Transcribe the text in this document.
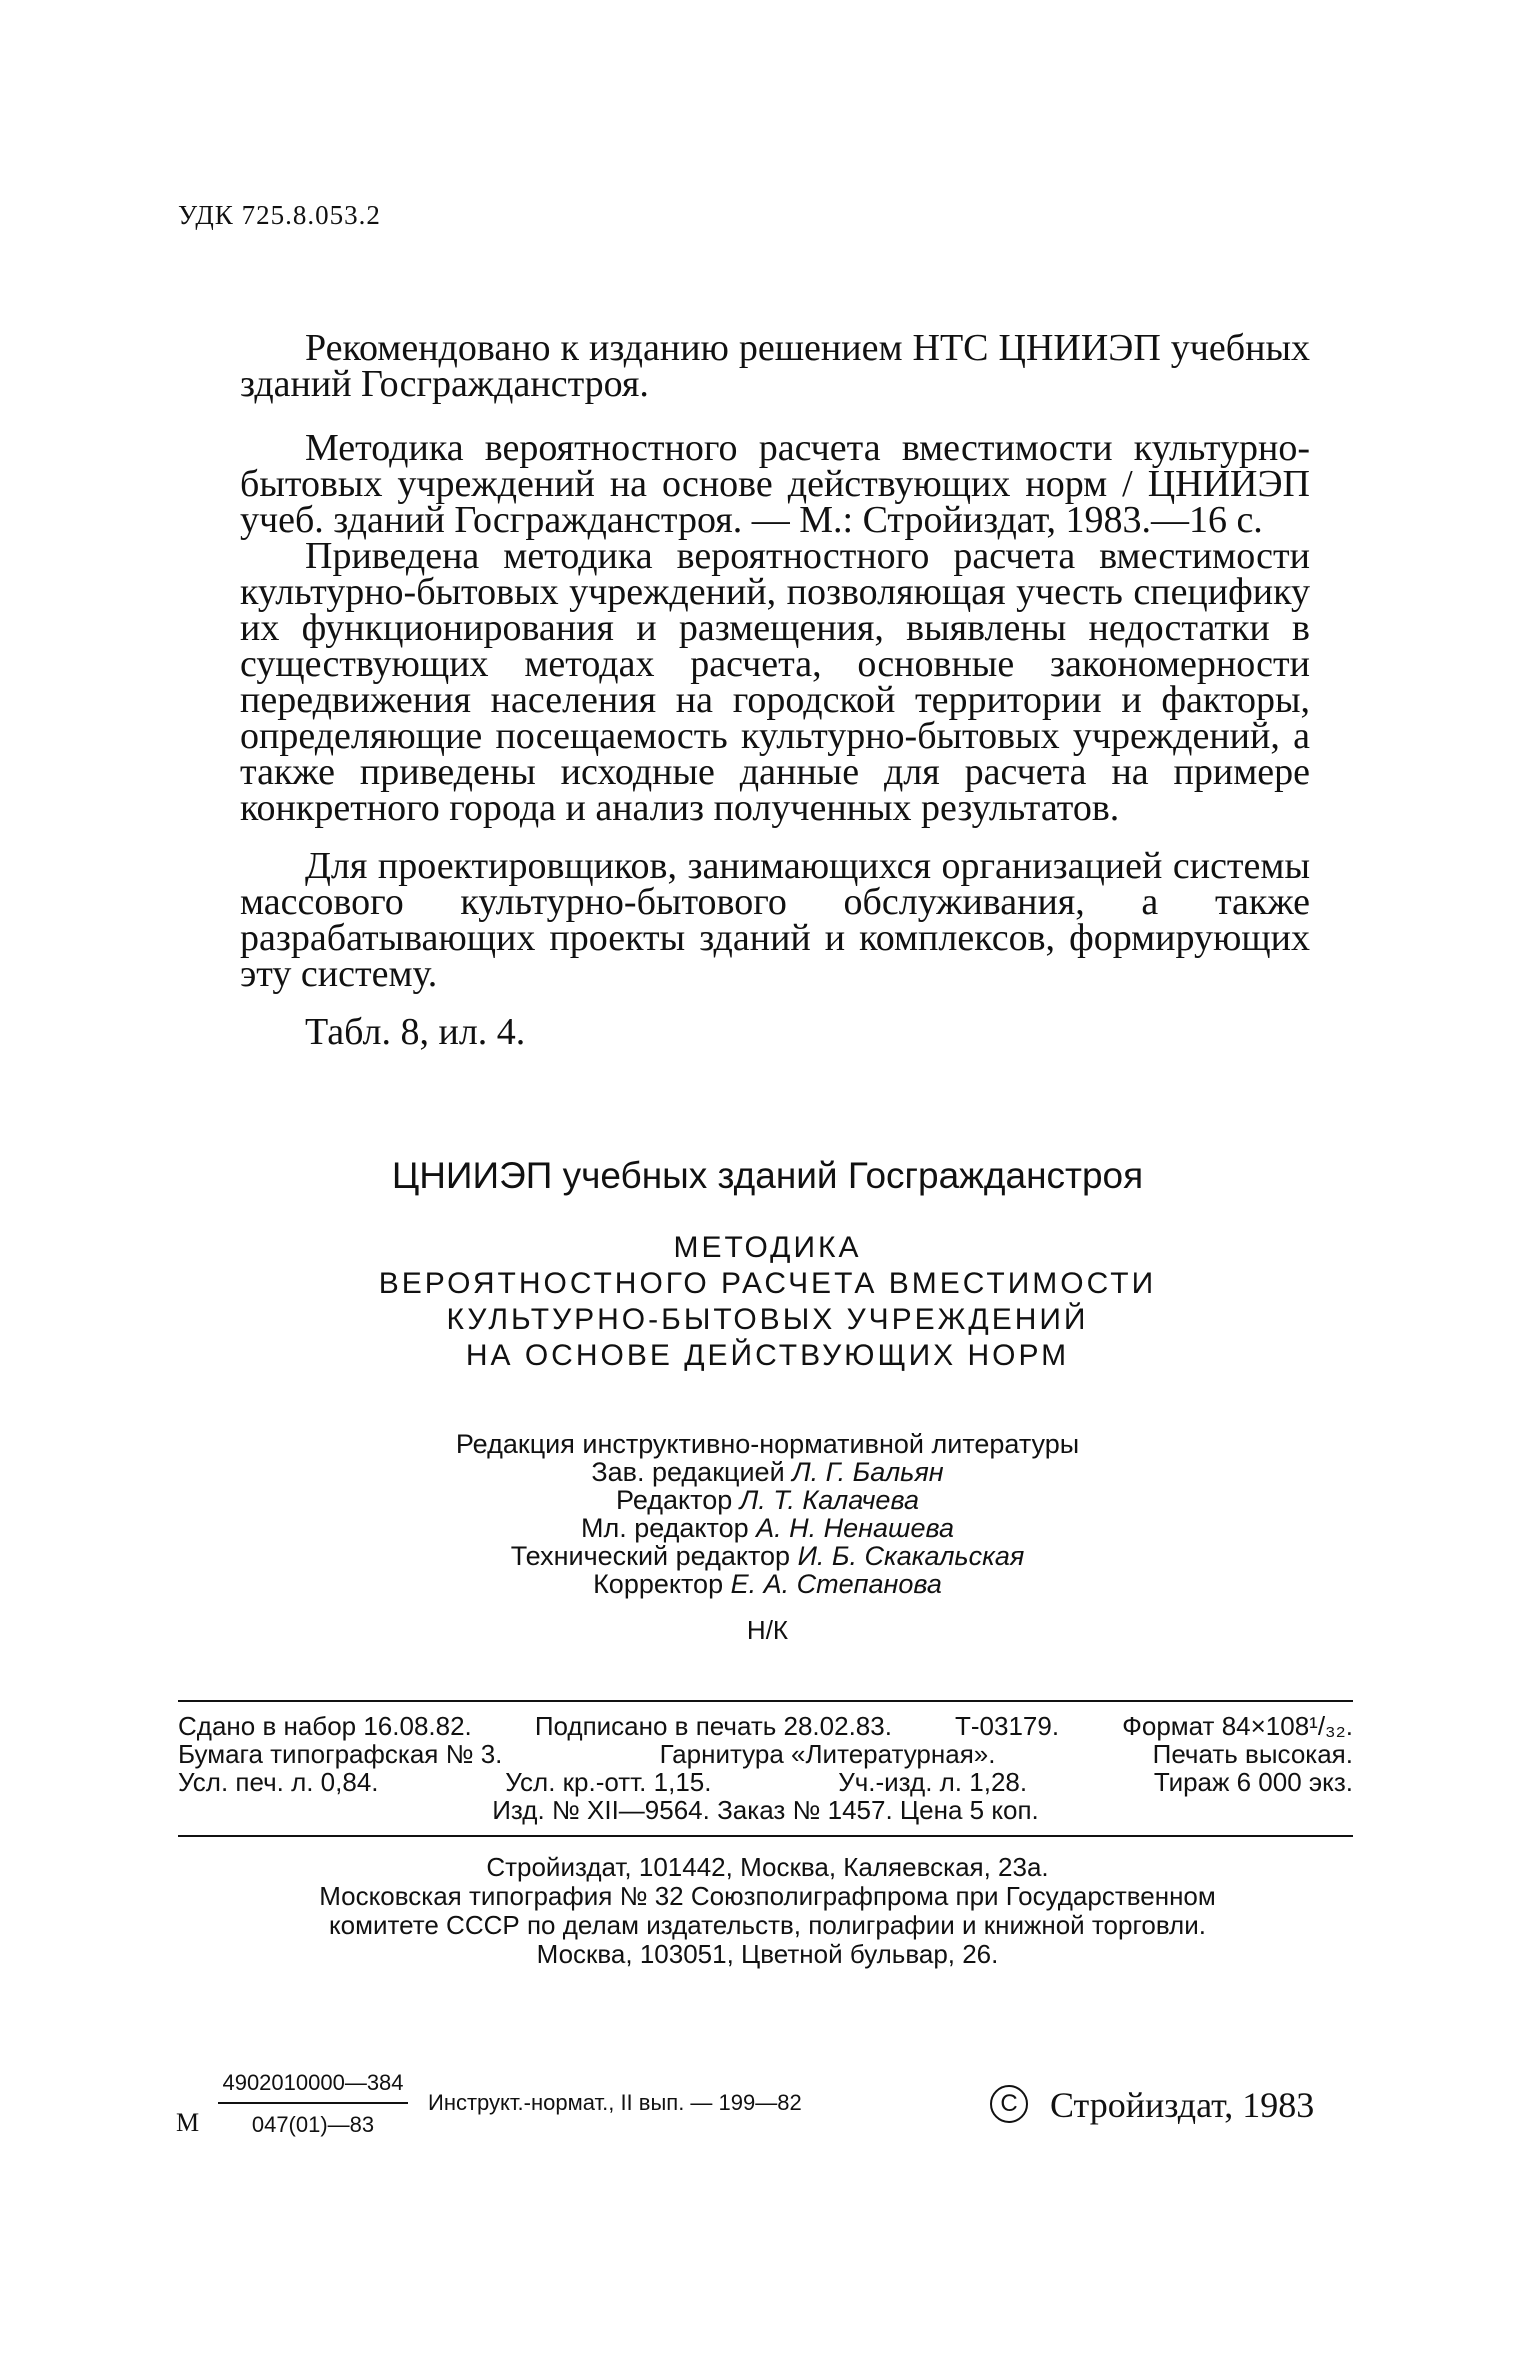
УДК 725.8.053.2

Рекомендовано к изданию решением НТС ЦНИИЭП учебных зданий Госгражданстроя.

Методика вероятностного расчета вместимости культурно-бытовых учреждений на основе действующих норм / ЦНИИЭП учеб. зданий Госгражданстроя. — М.: Стройиздат, 1983.—16 с.

Приведена методика вероятностного расчета вместимости культурно-бытовых учреждений, позволяющая учесть специфику их функционирования и размещения, выявлены недостатки в существующих методах расчета, основные закономерности передвижения населения на городской территории и факторы, определяющие посещаемость культурно-бытовых учреждений, а также приведены исходные данные для расчета на примере конкретного города и анализ полученных результатов.

Для проектировщиков, занимающихся организацией системы массового культурно-бытового обслуживания, а также разрабатывающих проекты зданий и комплексов, формирующих эту систему.

Табл. 8, ил. 4.
ЦНИИЭП учебных зданий Госгражданстроя
МЕТОДИКА
ВЕРОЯТНОСТНОГО РАСЧЕТА ВМЕСТИМОСТИ
КУЛЬТУРНО-БЫТОВЫХ УЧРЕЖДЕНИЙ
НА ОСНОВЕ ДЕЙСТВУЮЩИХ НОРМ
Редакция инструктивно-нормативной литературы
Зав. редакцией Л. Г. Бальян
Редактор Л. Т. Калачева
Мл. редактор А. Н. Ненашева
Технический редактор И. Б. Скакальская
Корректор Е. А. Степанова
Н/К
Сдано в набор 16.08.82. Подписано в печать 28.02.83. Т-03179. Формат 84×108¹/₃₂.
Бумага типографская № 3.	Гарнитура «Литературная».	Печать высокая.
Усл. печ. л. 0,84.	Усл. кр.-отт. 1,15.	Уч.-изд. л. 1,28.	Тираж 6 000 экз.
Изд. № XII—9564. Заказ № 1457. Цена 5 коп.
Стройиздат, 101442, Москва, Каляевская, 23а.
Московская типография № 32 Союзполиграфпрома при Государственном
комитете СССР по делам издательств, полиграфии и книжной торговли.
Москва, 103051, Цветной бульвар, 26.
М $\frac{4902010000—384}{047(01)—83}$ Инструкт.-нормат., II вып. — 199—82	C Стройиздат, 1983
